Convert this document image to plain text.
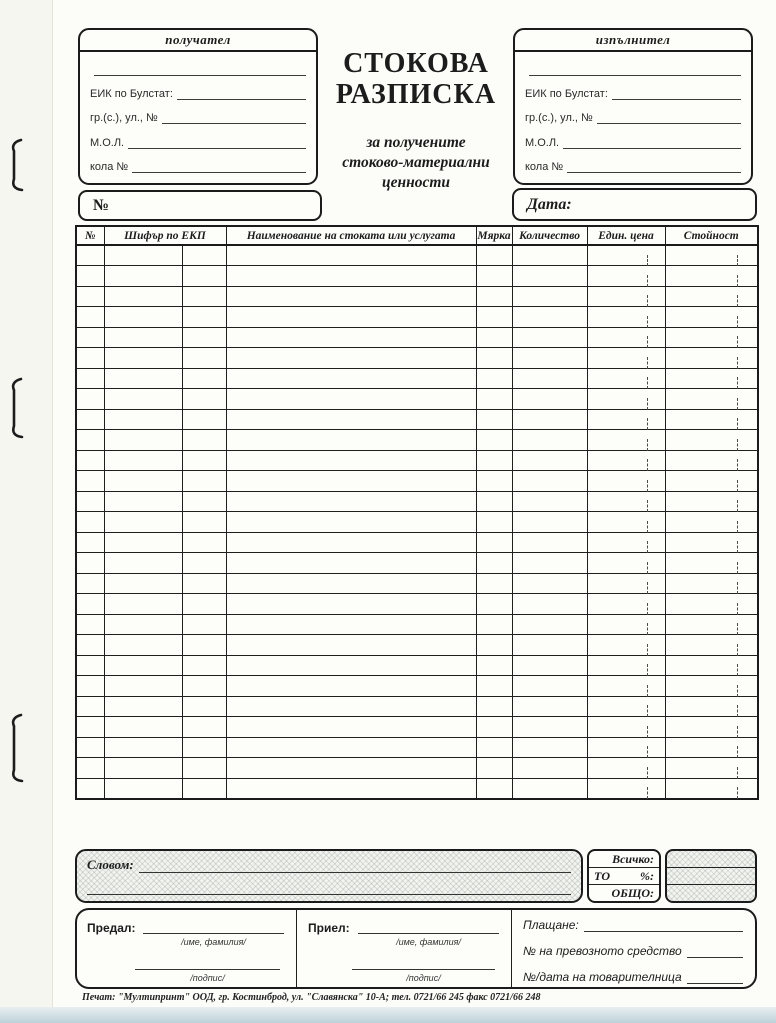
получател
ЕИК по Булстат:
гр.(с.), ул., №
М.О.Л.
кола №
изпълнител
ЕИК по Булстат:
гр.(с.), ул., №
М.О.Л.
кола №
СТОКОВА
РАЗПИСКА
за получените
стоково-материални
ценности
№	Дата:
№	Шифър по ЕКП		Наименование на стоката или услугата	Мярка	Количество	Един. цена	Стойност

Словом:	Всичко:
ТО	%:
ОБЩО:
Предал:
/име, фамилия/
/подпис/
Приел:
/име, фамилия/
/подпис/
Плащане:
№ на превозното средство
№/дата на товарителница
Печат: "Мултипринт" ООД, гр. Костинброд, ул. "Славянска" 10-А; тел. 0721/66 245 факс 0721/66 248
